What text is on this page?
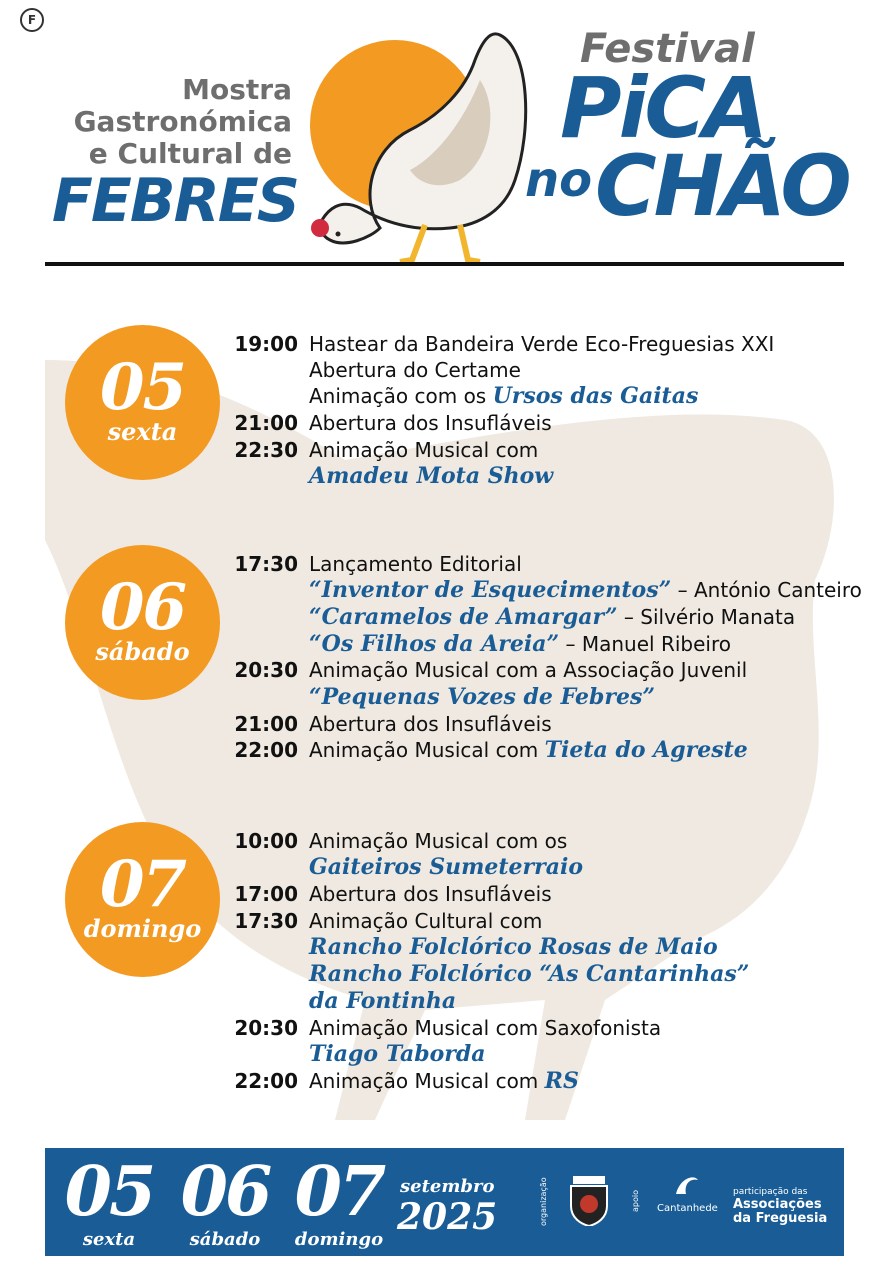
F
Mostra
Gastronómica
e Cultural de
FEBRES
Festival
PiCA
no CHÃO
05
sexta
06
sábado
07
domingo
19:00 Hastear da Bandeira Verde Eco-Freguesias XXI
Abertura do Certame
Animação com os Ursos das Gaitas
21:00 Abertura dos Insufláveis
22:30 Animação Musical com
Amadeu Mota Show
17:30 Lançamento Editorial
“Inventor de Esquecimentos” – António Canteiro
“Caramelos de Amargar” – Silvério Manata
“Os Filhos da Areia” – Manuel Ribeiro
20:30 Animação Musical com a Associação Juvenil
“Pequenas Vozes de Febres”
21:00 Abertura dos Insufláveis
22:00 Animação Musical com Tieta do Agreste
10:00 Animação Musical com os
Gaiteiros Sumeterraio
17:00 Abertura dos Insufláveis
17:30 Animação Cultural com
Rancho Folclórico Rosas de Maio
Rancho Folclórico “As Cantarinhas”
da Fontinha
20:30 Animação Musical com Saxofonista
Tiago Taborda
22:00 Animação Musical com RS
05
sexta
06
sábado
07
domingo
setembro
2025	organização	apoio Cantanhede
participação das
Associações
da Freguesia
